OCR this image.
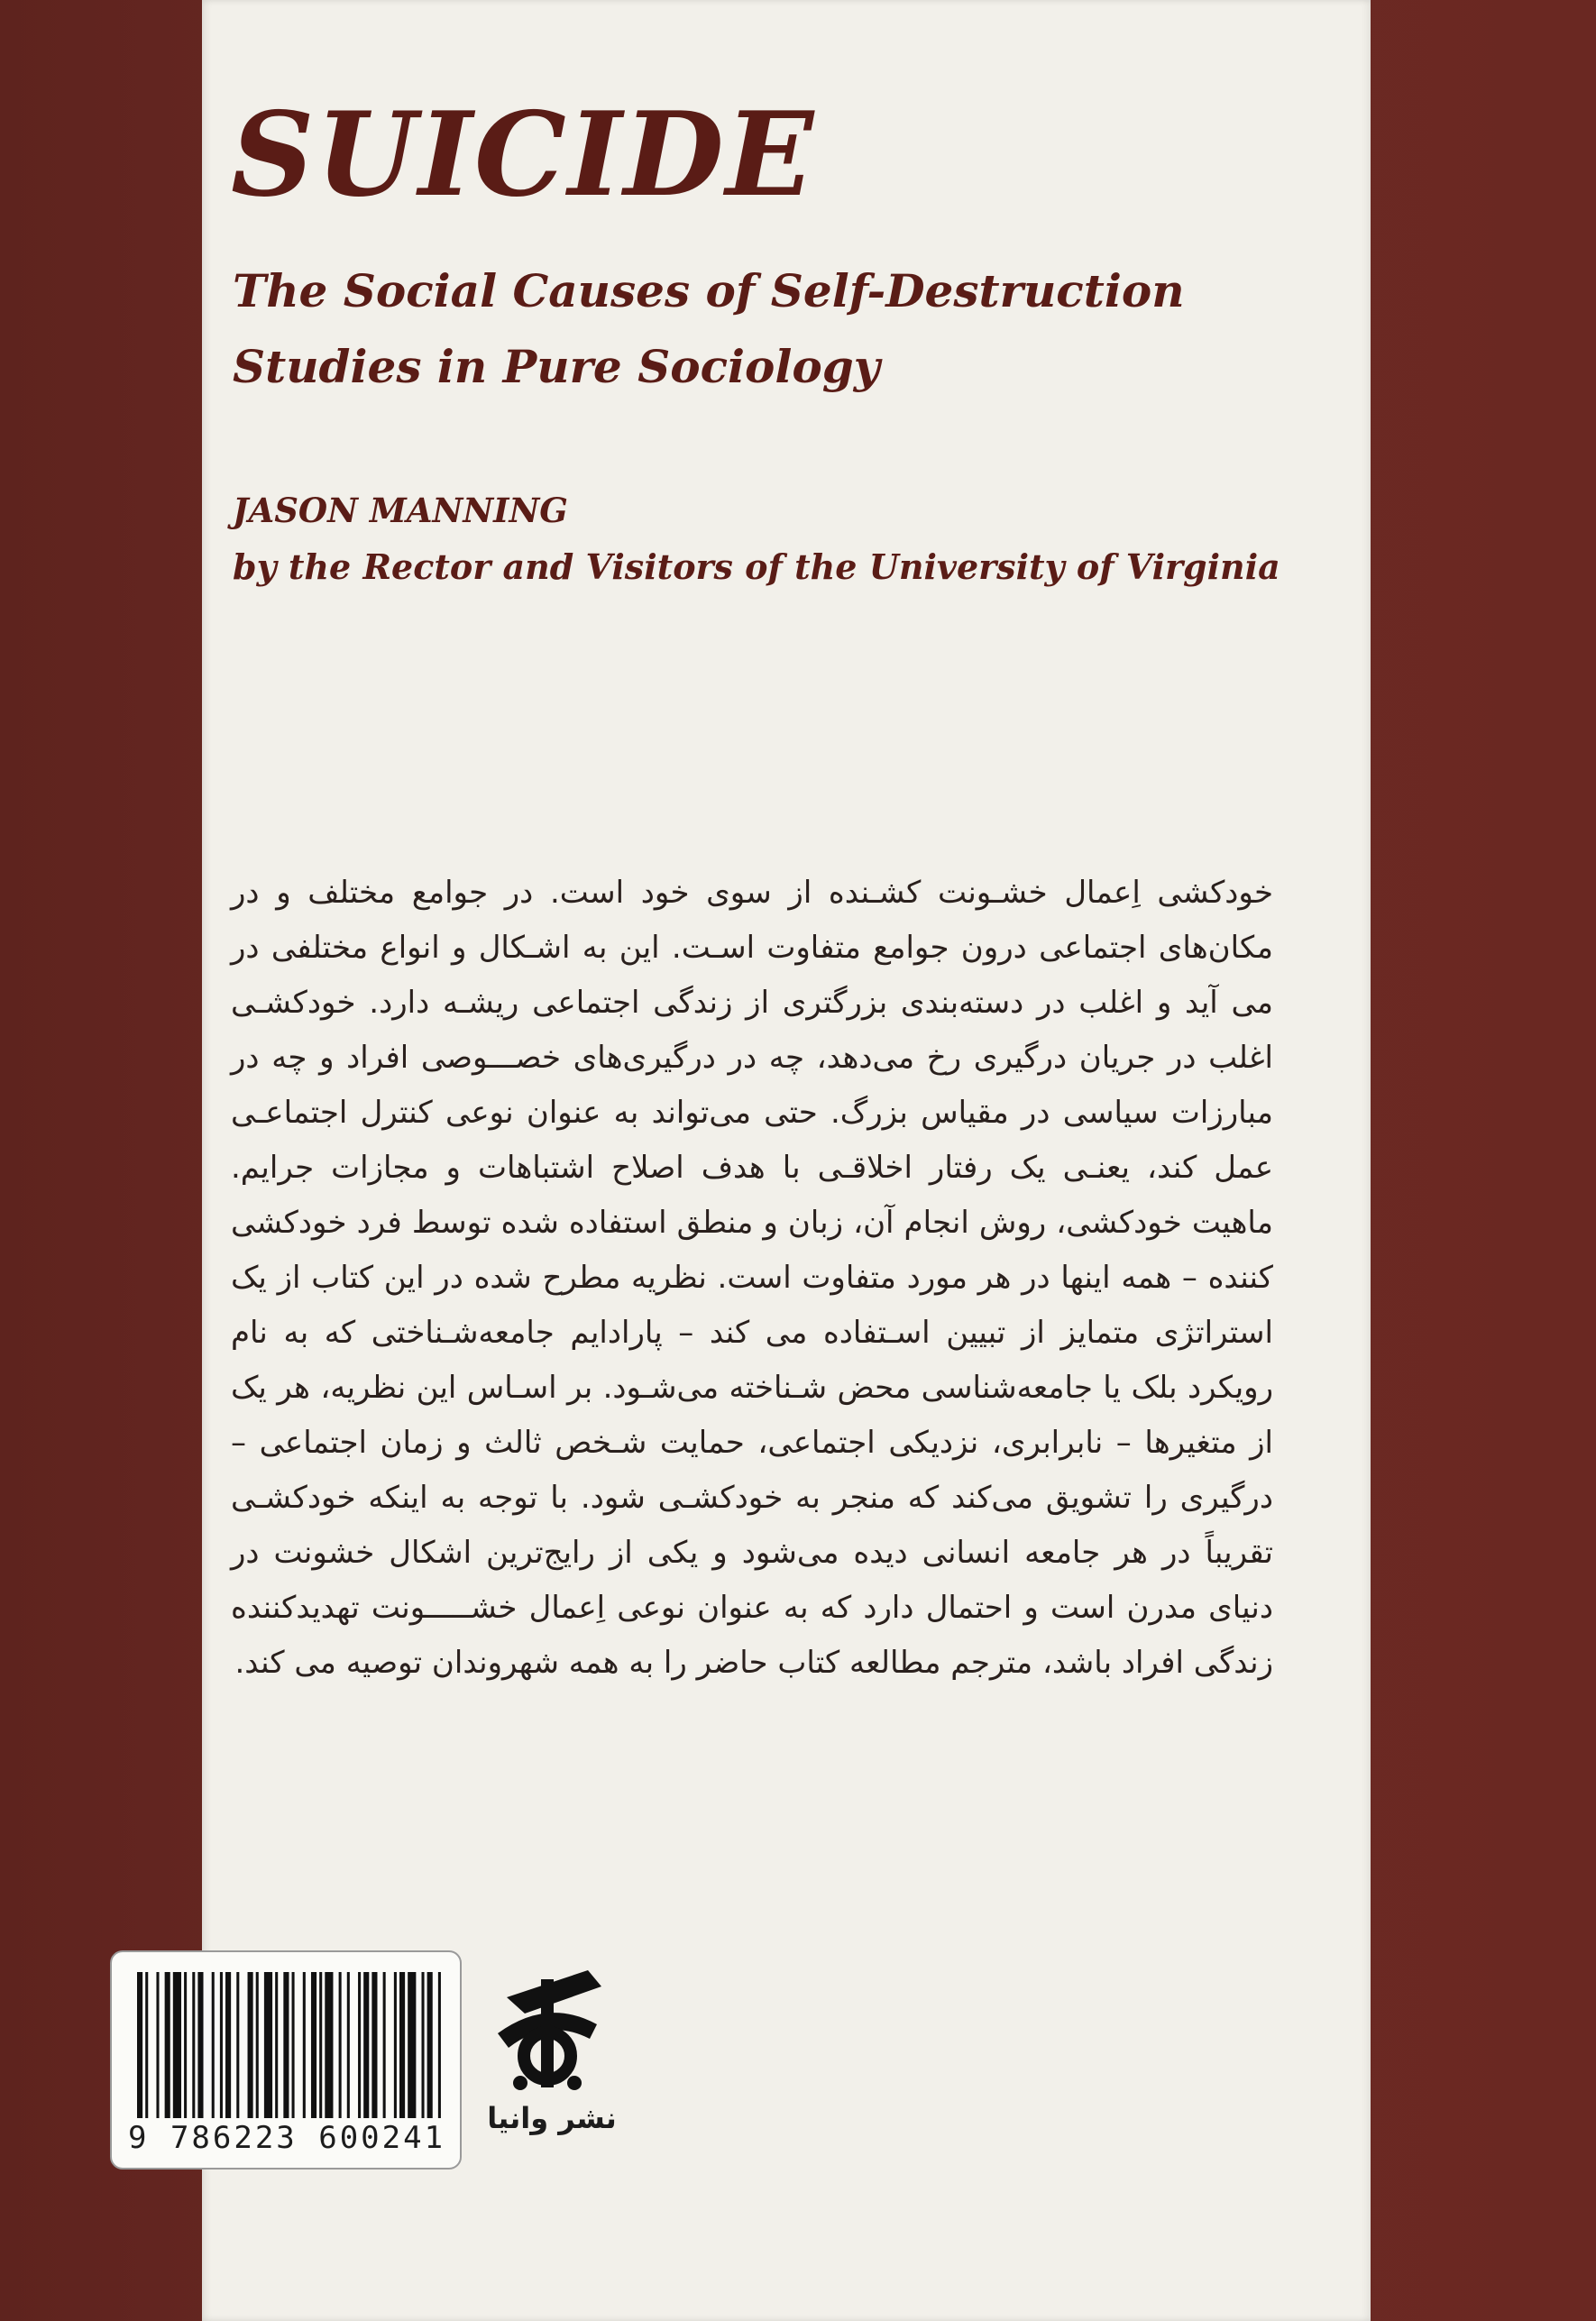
SUICIDE
The Social Causes of Self-Destruction
Studies in Pure Sociology
JASON MANNING
by the Rector and Visitors of the University of Virginia

خودکشی اِعمال خشـونت کشـنده از سوی خود است. در جوامع مختلف و در مکان‌های اجتماعی درون جوامع متفاوت اسـت. این به اشـکال و انواع مختلفی در می آید و اغلب در دسته‌بندی بزرگتری از زندگی اجتماعی ریشـه دارد. خودکشـی اغلب در جریان درگیری رخ می‌دهد، چه در درگیری‌های خصـــوصی افراد و چه در مبارزات سیاسی در مقیاس بزرگ. حتی می‌تواند به عنوان نوعی کنترل اجتماعـی عمل کند، یعنـی یک رفتار اخلاقـی با هدف اصلاح اشتباهات و مجازات جرایم. ماهیت خودکشی، روش انجام آن، زبان و منطق استفاده شده توسط فرد خودکشی کننده – همه اینها در هر مورد متفاوت است. نظریه مطرح شده در این کتاب از یک استراتژی متمایز از تبیین اسـتفاده می کند – پارادایم جامعه‌شـناختی که به نام رویکرد بلک یا جامعه‌شناسی محض شـناخته می‌شـود. بر اسـاس این نظریه، هر یک از متغیرها – نابرابری، نزدیکی اجتماعی، حمایت شـخص ثالث و زمان اجتماعی – درگیری را تشویق می‌کند که منجر به خودکشـی شود. با توجه به اینکه خودکشـی تقریباً در هر جامعه انسانی دیده می‌شود و یکی از رایج‌ترین اشکال خشونت در دنیای مدرن است و احتمال دارد که به عنوان نوعی اِعمال خشـــــونت تهدیدکننده زندگی افراد باشد، مترجم مطالعه کتاب حاضر را به همه شهروندان توصیه می کند.

9 786223 600241
نشر وانیا
